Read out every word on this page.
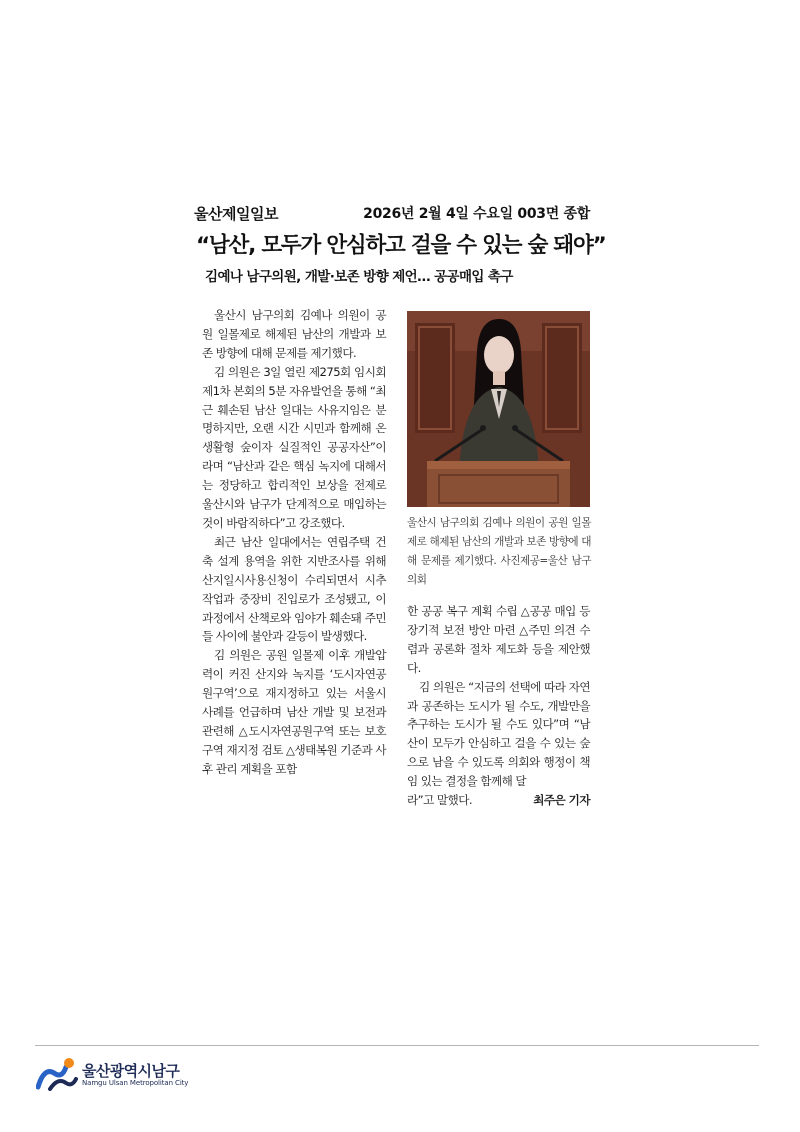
울산제일일보	2026년 2월 4일 수요일 003면 종합
“남산, 모두가 안심하고 걸을 수 있는 숲 돼야”
김예나 남구의원, 개발·보존 방향 제언… 공공매입 촉구

울산시 남구의회 김예나 의원이 공원 일몰제로 해제된 남산의 개발과 보존 방향에 대해 문제를 제기했다.

김 의원은 3일 열린 제275회 임시회 제1차 본회의 5분 자유발언을 통해 “최근 훼손된 남산 일대는 사유지임은 분명하지만, 오랜 시간 시민과 함께해 온 생활형 숲이자 실질적인 공공자산”이라며 “남산과 같은 핵심 녹지에 대해서는 정당하고 합리적인 보상을 전제로 울산시와 남구가 단계적으로 매입하는 것이 바람직하다”고 강조했다.

최근 남산 일대에서는 연립주택 건축 설계 용역을 위한 지반조사를 위해 산지일시사용신청이 수리되면서 시추 작업과 중장비 진입로가 조성됐고, 이 과정에서 산책로와 임야가 훼손돼 주민들 사이에 불안과 갈등이 발생했다.

김 의원은 공원 일몰제 이후 개발압력이 커진 산지와 녹지를 ‘도시자연공원구역’으로 재지정하고 있는 서울시 사례를 언급하며 남산 개발 및 보전과 관련해 △도시자연공원구역 또는 보호구역 재지정 검토 △생태복원 기준과 사후 관리 계획을 포함

울산시 남구의회 김예나 의원이 공원 일몰제로 해제된 남산의 개발과 보존 방향에 대해 문제를 제기했다. 사진제공=울산 남구의회

한 공공 복구 계획 수립 △공공 매입 등 장기적 보전 방안 마련 △주민 의견 수렴과 공론화 절차 제도화 등을 제안했다.

김 의원은 “지금의 선택에 따라 자연과 공존하는 도시가 될 수도, 개발만을 추구하는 도시가 될 수도 있다”며 “남산이 모두가 안심하고 걸을 수 있는 숲으로 남을 수 있도록 의회와 행정이 책임 있는 결정을 함께해 달

라”고 말했다.	최주은 기자
울산광역시남구
Namgu Ulsan Metropolitan City
